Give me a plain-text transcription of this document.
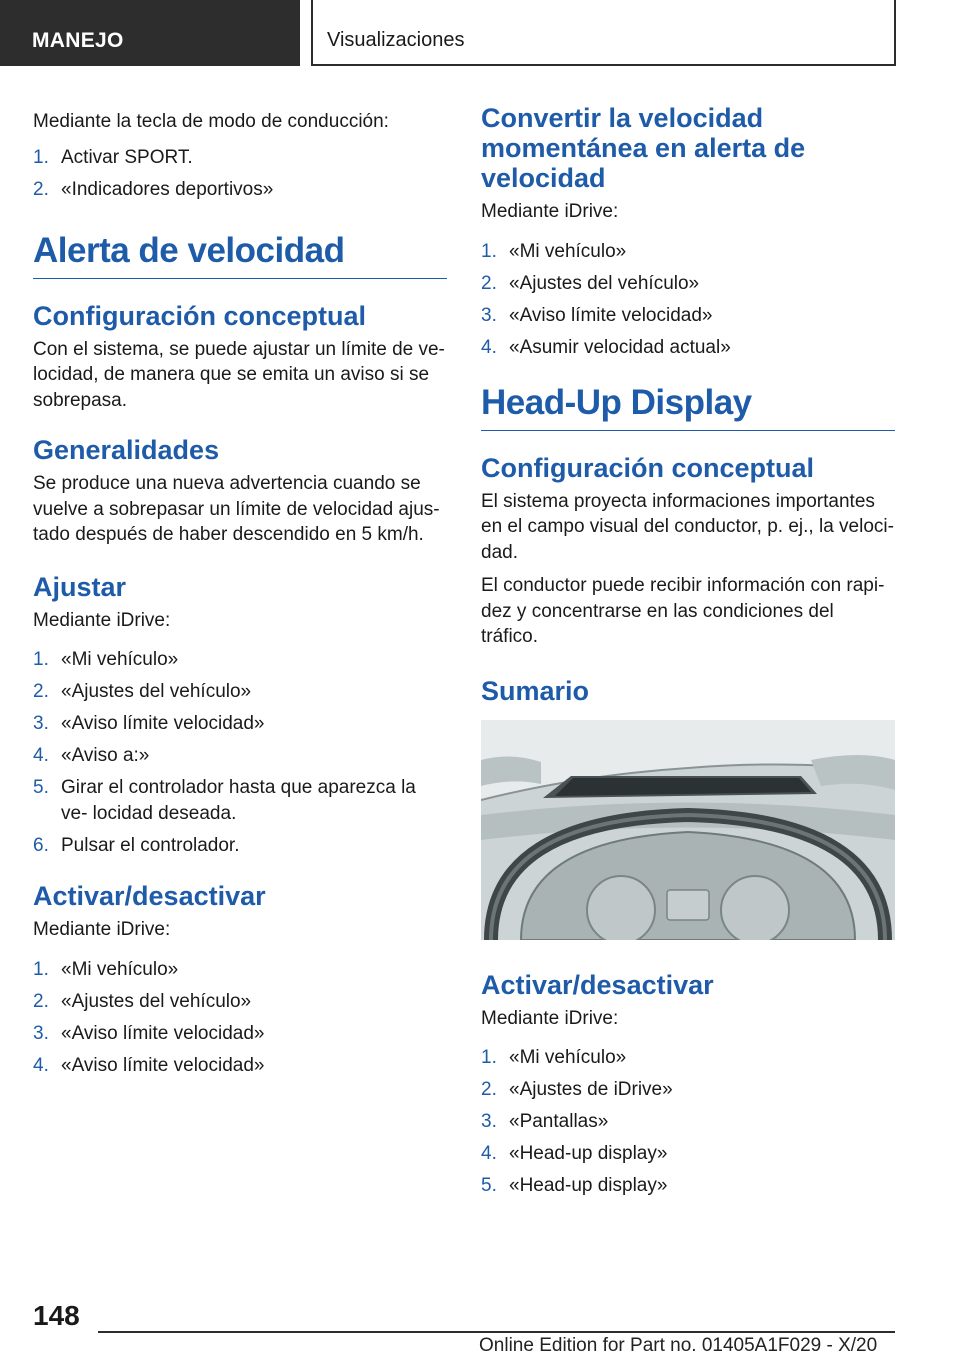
MANEJO	Visualizaciones

Mediante la tecla de modo de conducción:

1. Activar SPORT.
2. «Indicadores deportivos»
Alerta de velocidad
Configuración conceptual

Con el sistema, se puede ajustar un límite de ve- locidad, de manera que se emita un aviso si se sobrepasa.

Generalidades

Se produce una nueva advertencia cuando se vuelve a sobrepasar un límite de velocidad ajus- tado después de haber descendido en 5 km/h.

Ajustar

Mediante iDrive:

1. «Mi vehículo»
2. «Ajustes del vehículo»
3. «Aviso límite velocidad»
4. «Aviso a:»
5. Girar el controlador hasta que aparezca la ve- locidad deseada.
6. Pulsar el controlador.
Activar/desactivar

Mediante iDrive:

1. «Mi vehículo»
2. «Ajustes del vehículo»
3. «Aviso límite velocidad»
4. «Aviso límite velocidad»
Convertir la velocidad momentánea en alerta de velocidad

Mediante iDrive:

1. «Mi vehículo»
2. «Ajustes del vehículo»
3. «Aviso límite velocidad»
4. «Asumir velocidad actual»
Head-Up Display
Configuración conceptual

El sistema proyecta informaciones importantes en el campo visual del conductor, p. ej., la veloci- dad.

El conductor puede recibir información con rapi- dez y concentrarse en las condiciones del tráfico.

Sumario
Activar/desactivar

Mediante iDrive:

1. «Mi vehículo»
2. «Ajustes de iDrive»
3. «Pantallas»
4. «Head-up display»
5. «Head-up display»
148
Online Edition for Part no. 01405A1F029 - X/20
